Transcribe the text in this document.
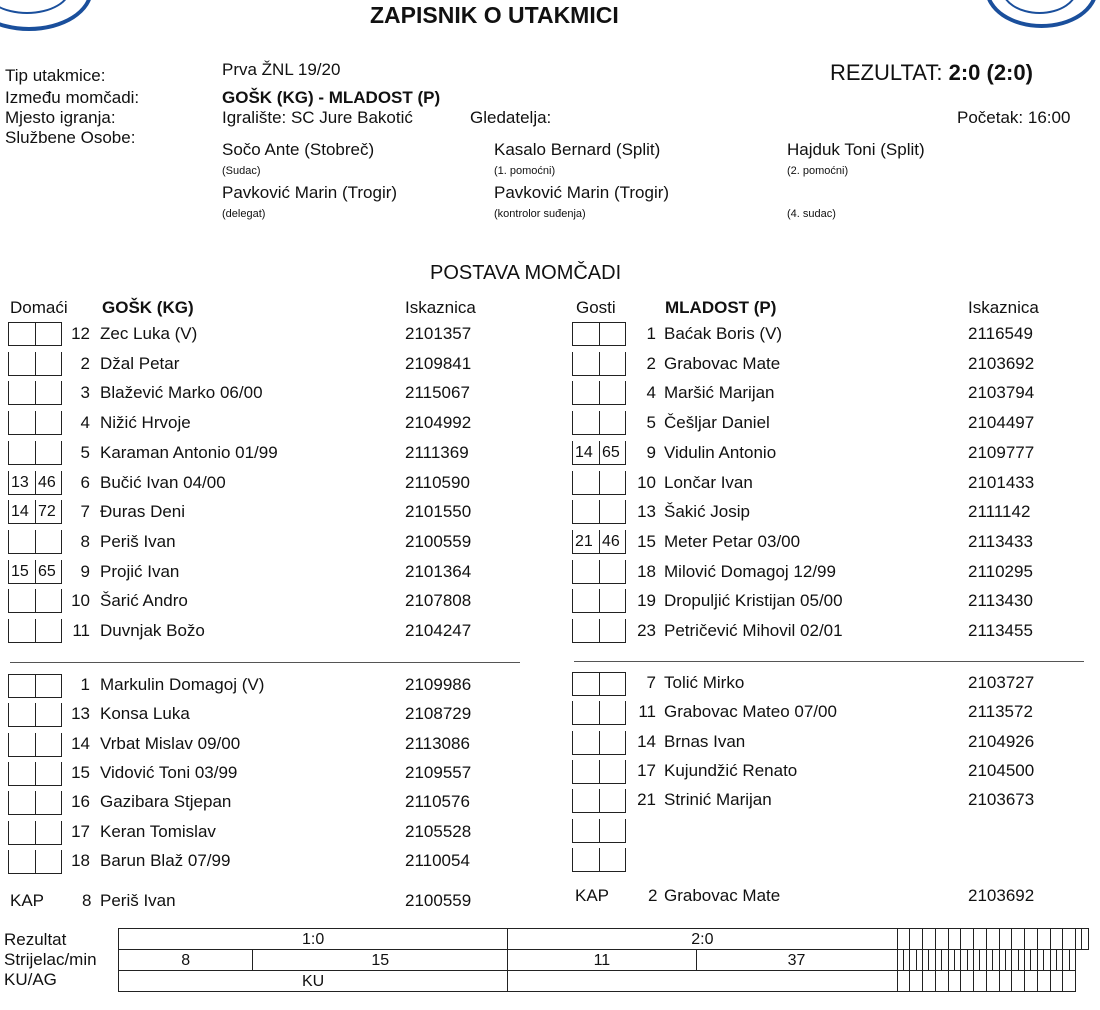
ZAPISNIK O UTAKMICI
Tip utakmice:	Prva ŽNL 19/20
Između momčadi:	GOŠK (KG) - MLADOST (P)
Mjesto igranja:	Igralište: SC Jure Bakotić	Gledatelja:	Početak: 16:00
Službene Osobe:
REZULTAT: 2:0 (2:0)
Sočo Ante (Stobreč)
(Sudac)
Kasalo Bernard (Split)
(1. pomoćni)
Hajduk Toni (Split)
(2. pomoćni)
Pavković Marin (Trogir)
(delegat)
Pavković Marin (Trogir)
(kontrolor suđenja)	(4. sudac)
POSTAVA MOMČADI
Domaći GOŠK (KG)	Iskaznica	Gosti	MLADOST (P)	Iskaznica
12 Zec Luka (V)	2101357
2 Džal Petar	2109841
3 Blažević Marko 06/00	2115067
4 Nižić Hrvoje	2104992
5 Karaman Antonio 01/99	2111369
13 46	6 Bučić Ivan 04/00	2110590
14 72	7 Đuras Deni	2101550
8 Periš Ivan	2100559
15 65	9 Projić Ivan	2101364
10 Šarić Andro	2107808
11 Duvnjak Božo	2104247
1 Markulin Domagoj (V)	2109986
13 Konsa Luka	2108729
14 Vrbat Mislav 09/00	2113086
15 Vidović Toni 03/99	2109557
16 Gazibara Stjepan	2110576
17 Keran Tomislav	2105528
18 Barun Blaž 07/99	2110054
1 Baćak Boris (V)	2116549
2 Grabovac Mate	2103692
4 Maršić Marijan	2103794
5 Češljar Daniel	2104497
14 65	9 Vidulin Antonio	2109777
10 Lončar Ivan	2101433
13 Šakić Josip	2111142
21 46	15 Meter Petar 03/00	2113433
18 Milović Domagoj 12/99	2110295
19 Dropuljić Kristijan 05/00	2113430
23 Petričević Mihovil 02/01	2113455
7 Tolić Mirko	2103727
11 Grabovac Mateo 07/00	2113572
14 Brnas Ivan	2104926
17 Kujundžić Renato	2104500
21 Strinić Marijan	2103673
KAP 8 Periš Ivan	2100559	KAP 2 Grabovac Mate	2103692
Rezultat
Strijelac/min
KU/AG
1:0		2:0																															
8	15	11	37																														
KU																																	
